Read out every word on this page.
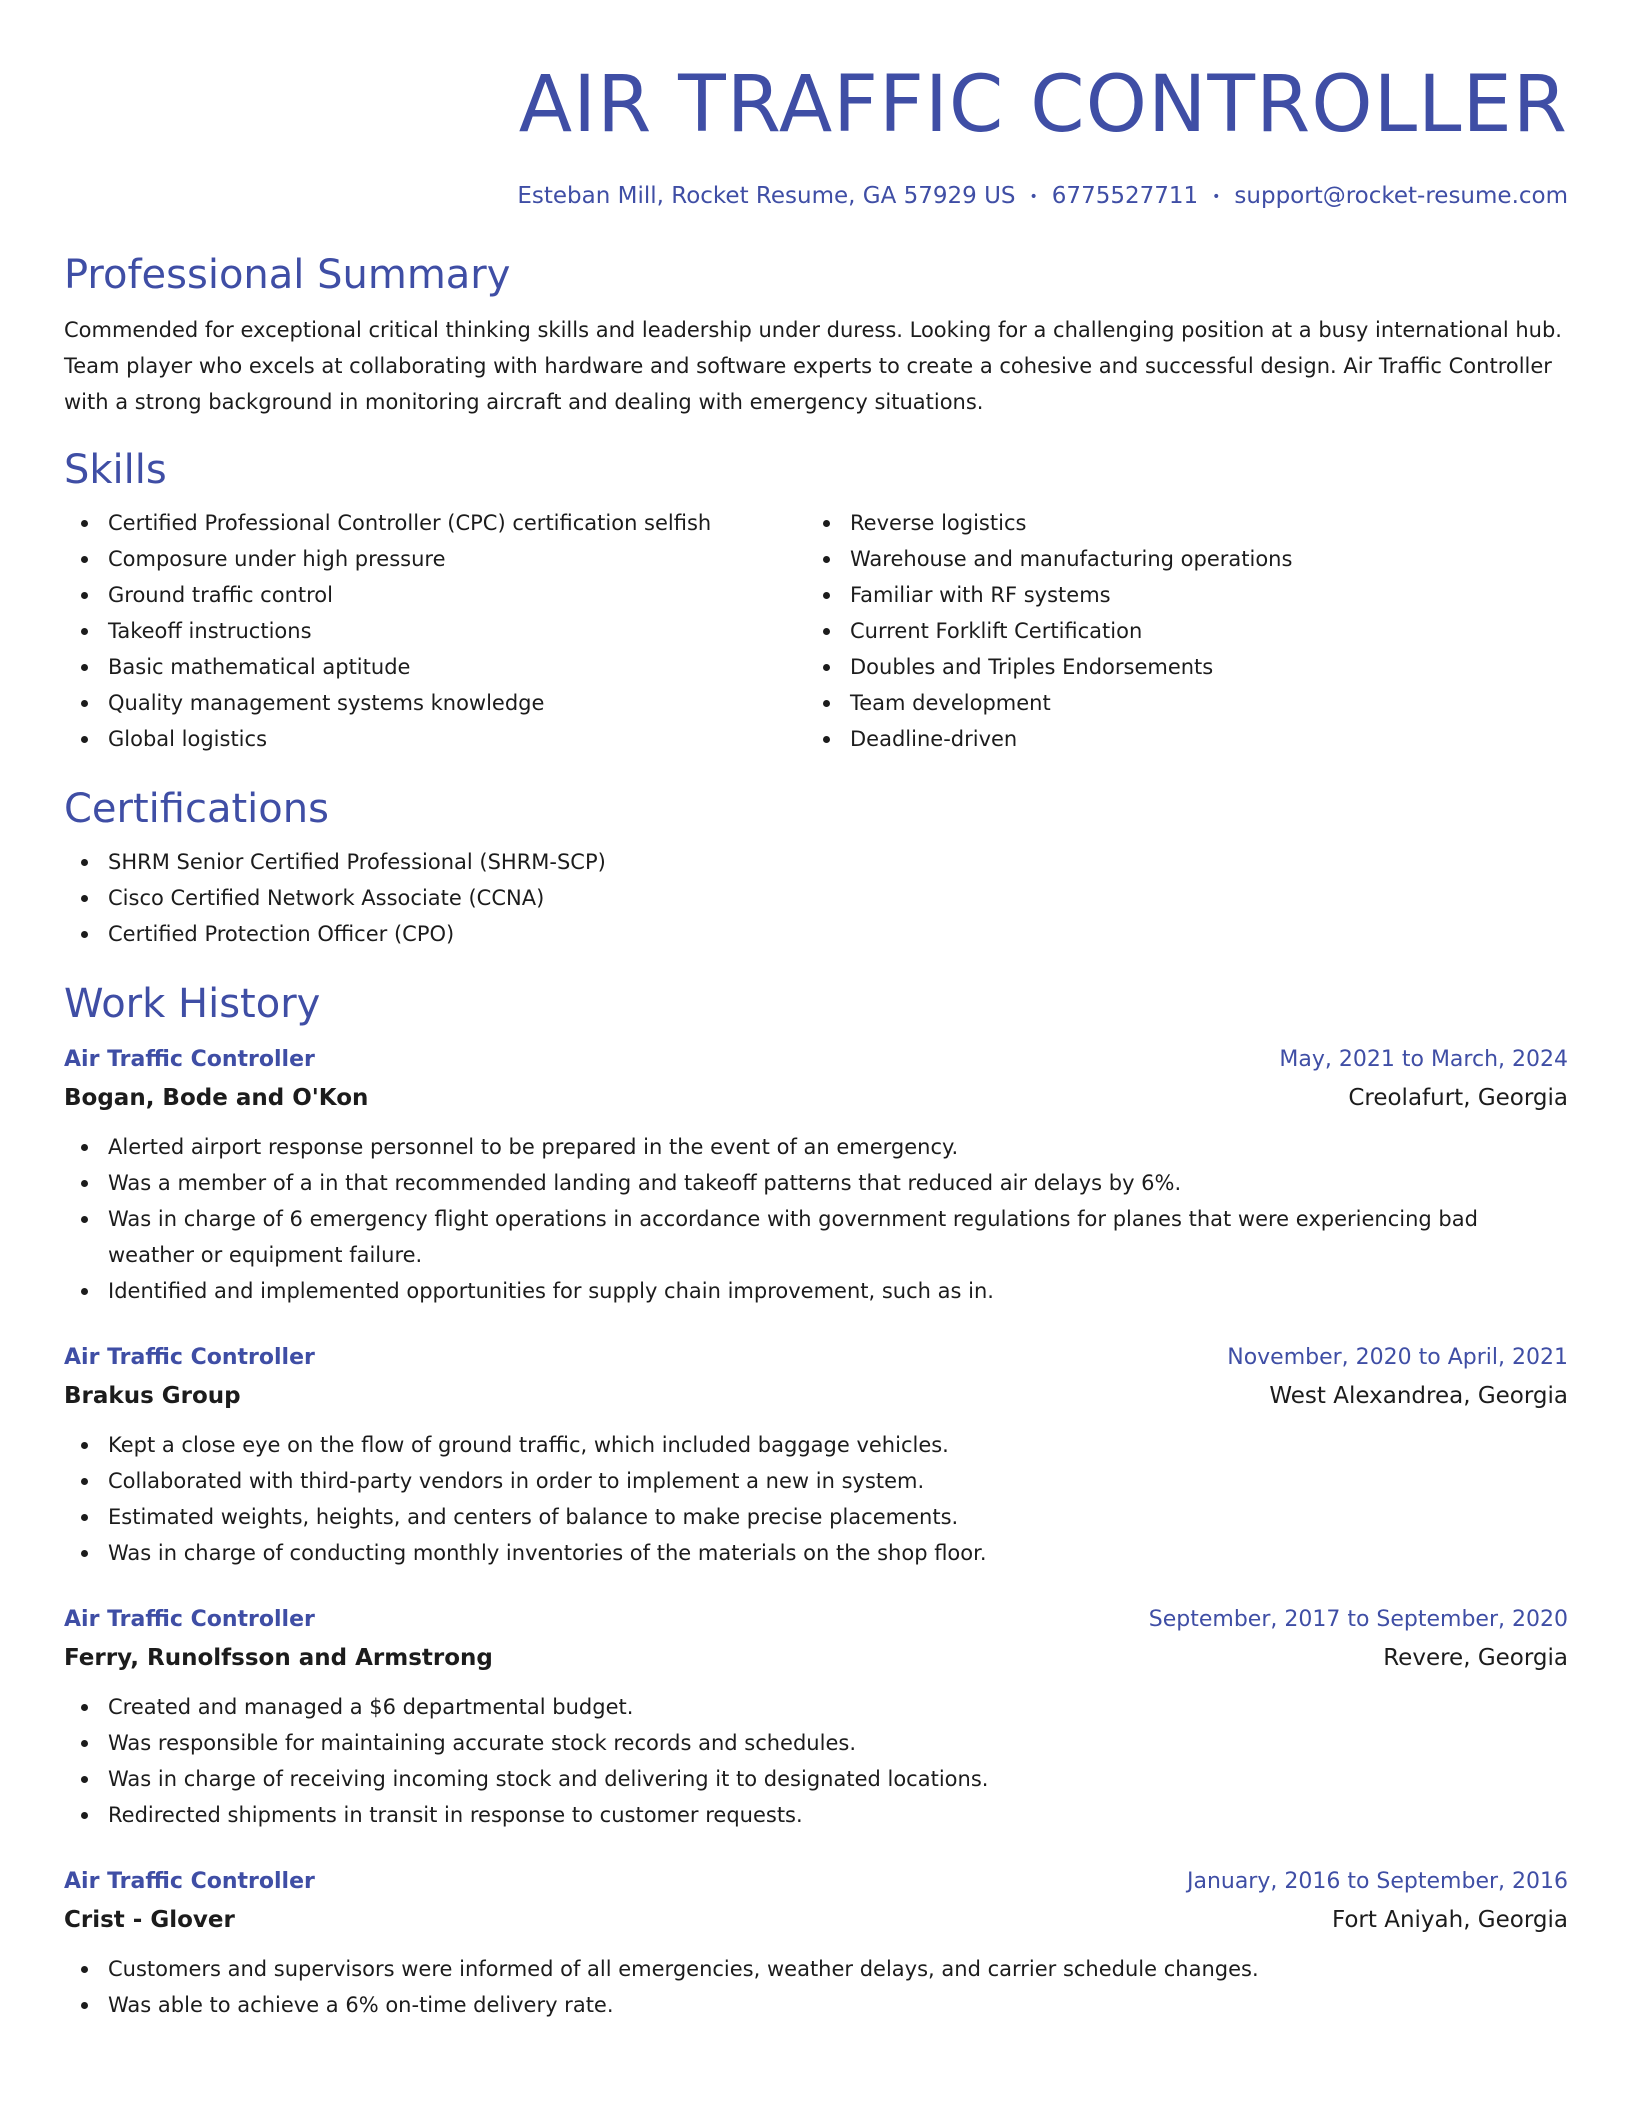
AIR TRAFFIC CONTROLLER
Esteban Mill, Rocket Resume, GA 57929 US • 6775527711 • support@rocket-resume.com
Professional Summary
Commended for exceptional critical thinking skills and leadership under duress. Looking for a challenging position at a busy international hub. Team player who excels at collaborating with hardware and software experts to create a cohesive and successful design. Air Traffic Controller with a strong background in monitoring aircraft and dealing with emergency situations.
Skills
Certified Professional Controller (CPC) certification selfish
Composure under high pressure
Ground traffic control
Takeoff instructions
Basic mathematical aptitude
Quality management systems knowledge
Global logistics
Reverse logistics
Warehouse and manufacturing operations
Familiar with RF systems
Current Forklift Certification
Doubles and Triples Endorsements
Team development
Deadline-driven
Certifications
SHRM Senior Certified Professional (SHRM-SCP)
Cisco Certified Network Associate (CCNA)
Certified Protection Officer (CPO)
Work History
Air Traffic Controller	May, 2021 to March, 2024
Bogan, Bode and O'Kon	Creolafurt, Georgia
Alerted airport response personnel to be prepared in the event of an emergency.
Was a member of a in that recommended landing and takeoff patterns that reduced air delays by 6%.
Was in charge of 6 emergency flight operations in accordance with government regulations for planes that were experiencing bad weather or equipment failure.
Identified and implemented opportunities for supply chain improvement, such as in.
Air Traffic Controller	November, 2020 to April, 2021
Brakus Group	West Alexandrea, Georgia
Kept a close eye on the flow of ground traffic, which included baggage vehicles.
Collaborated with third-party vendors in order to implement a new in system.
Estimated weights, heights, and centers of balance to make precise placements.
Was in charge of conducting monthly inventories of the materials on the shop floor.
Air Traffic Controller	September, 2017 to September, 2020
Ferry, Runolfsson and Armstrong	Revere, Georgia
Created and managed a $6 departmental budget.
Was responsible for maintaining accurate stock records and schedules.
Was in charge of receiving incoming stock and delivering it to designated locations.
Redirected shipments in transit in response to customer requests.
Air Traffic Controller	January, 2016 to September, 2016
Crist - Glover	Fort Aniyah, Georgia
Customers and supervisors were informed of all emergencies, weather delays, and carrier schedule changes.
Was able to achieve a 6% on-time delivery rate.
